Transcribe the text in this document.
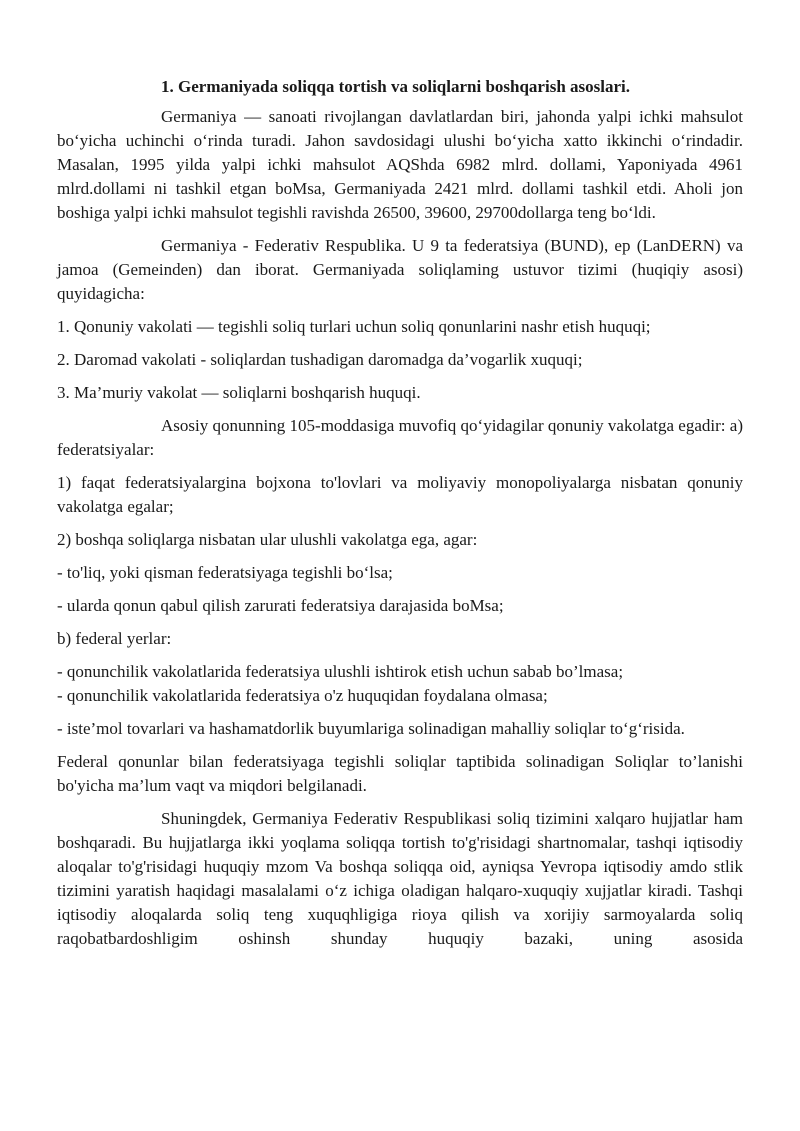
1. Germaniyada soliqqa tortish va soliqlarni boshqarish asoslari.

Germaniya — sanoati rivojlangan davlatlardan biri, jahonda yalpi ichki mahsulot bo‘yicha uchinchi o‘rinda turadi. Jahon savdosidagi ulushi bo‘yicha xatto ikkinchi o‘rindadir. Masalan, 1995 yilda yalpi ichki mahsulot AQShda 6982 mlrd. dollami, Yaponiyada 4961 mlrd.dollami ni tashkil etgan boMsa, Germaniyada 2421 mlrd. dollami tashkil etdi. Aholi jon boshiga yalpi ichki mahsulot tegishli ravishda 26500, 39600, 29700dollarga teng bo‘ldi.

Germaniya - Federativ Respublika. U 9 ta federatsiya (BUND), ep (LanDERN) va jamoa (Gemeinden) dan iborat. Germaniyada soliqlaming ustuvor tizimi (huqiqiy asosi) quyidagicha:

1. Qonuniy vakolati — tegishli soliq turlari uchun soliq qonunlarini nashr etish huquqi;

2. Daromad vakolati - soliqlardan tushadigan daromadga da’vogarlik xuquqi;

3. Ma’muriy vakolat — soliqlarni boshqarish huquqi.

Asosiy qonunning 105-moddasiga muvofiq qo‘yidagilar qonuniy vakolatga egadir: a) federatsiyalar:

1) faqat federatsiyalargina bojxona to'lovlari va moliyaviy monopoliyalarga nisbatan qonuniy vakolatga egalar;

2) boshqa soliqlarga nisbatan ular ulushli vakolatga ega, agar:

- to'liq, yoki qisman federatsiyaga tegishli bo‘lsa;

- ularda qonun qabul qilish zarurati federatsiya darajasida boMsa;

b) federal yerlar:

- qonunchilik vakolatlarida federatsiya ulushli ishtirok etish uchun sabab bo’lmasa;

- qonunchilik vakolatlarida federatsiya o'z huquqidan foydalana olmasa;

- iste’mol tovarlari va hashamatdorlik buyumlariga solinadigan mahalliy soliqlar to‘g‘risida.

Federal qonunlar bilan federatsiyaga tegishli soliqlar taptibida solinadigan Soliqlar to’lanishi bo'yicha ma’lum vaqt va miqdori belgilanadi.

Shuningdek, Germaniya Federativ Respublikasi soliq tizimini xalqaro hujjatlar ham boshqaradi. Bu hujjatlarga ikki yoqlama soliqqa tortish to'g'risidagi shartnomalar, tashqi iqtisodiy aloqalar to'g'risidagi huquqiy mzom Va boshqa soliqqa oid, ayniqsa Yevropa iqtisodiy amdo stlik tizimini yaratish haqidagi masalalami o‘z ichiga oladigan halqaro-xuquqiy xujjatlar kiradi. Tashqi iqtisodiy aloqalarda soliq teng xuquqhligiga rioya qilish va xorijiy sarmoyalarda soliq raqobatbardoshligim oshinsh shunday huquqiy bazaki, uning asosida
